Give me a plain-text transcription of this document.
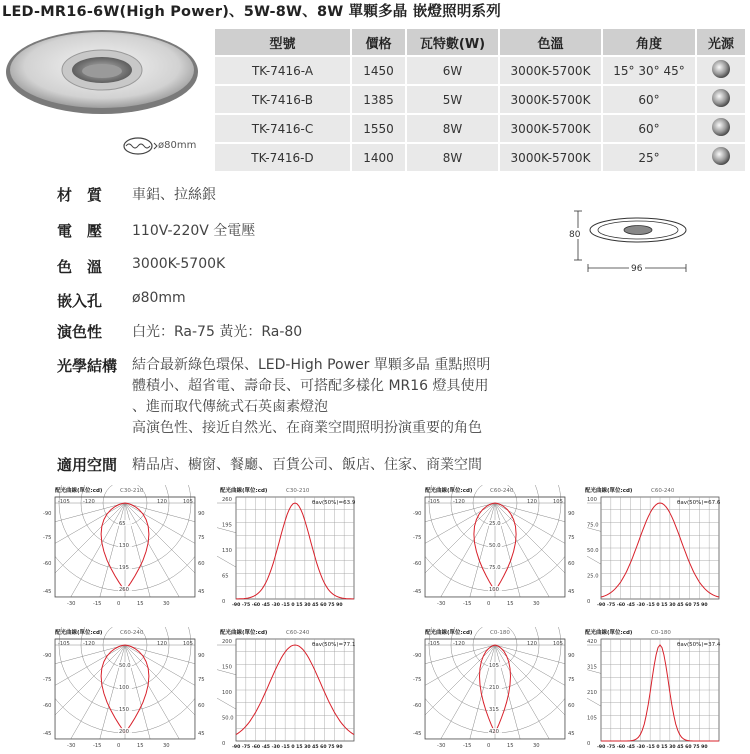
LED-MR16-6W(High Power)、5W-8W、8W 單顆多晶 嵌燈照明系列
ø80mm
型號	價格	瓦特數(W)	色溫	角度	光源
TK-7416-A	1450	6W	3000K-5700K	15° 30° 45°	
TK-7416-B	1385	5W	3000K-5700K	60°	
TK-7416-C	1550	8W	3000K-5700K	60°	
TK-7416-D	1400	8W	3000K-5700K	25°	
材　質	車鋁、拉絲銀
電　壓	110V-220V 全電壓
色　溫	3000K-5700K
嵌入孔	ø80mm
演色性	白光：Ra-75 黃光：Ra-80
光學結構	結合最新綠色環保、LED-High Power 單顆多晶 重點照明
體積小、超省電、壽命長、可搭配多樣化 MR16 燈具使用
、進而取代傳統式石英鹵素燈泡
高演色性、接近自然光、在商業空間照明扮演重要的角色
適用空間	精品店、櫥窗、餐廳、百貨公司、飯店、住家、商業空間
80
96
配光曲線(單位:cd)	C30-210
-105	-120	120	105
-90	90
-75	75
-60	60
-45	45
-30	-15	0	15	30
65
130
195
260
配光曲線(單位:cd)	C30-210
θav(50%)=63.9
260
195
130
65
0
-90 -75 -60 -45 -30 -15 0 15 30 45 60 75 90
配光曲線(單位:cd)	C60-240
-105	-120	120	105
-90	90
-75	75
-60	60
-45	45
-30	-15	0	15	30
25.0
50.0
75.0
100
配光曲線(單位:cd)	C60-240
θav(50%)=67.6
100
75.0
50.0
25.0
0
-90 -75 -60 -45 -30 -15 0 15 30 45 60 75 90
配光曲線(單位:cd)	C60-240
-105	-120	120	105
-90	90
-75	75
-60	60
-45	45
-30	-15	0	15	30
50.0
100
150
200
配光曲線(單位:cd)	C60-240
θav(50%)=77.1
200
150
100
50.0
0
-90 -75 -60 -45 -30 -15 0 15 30 45 60 75 90
配光曲線(單位:cd)	C0-180
-105	-120	120	105
-90	90
-75	75
-60	60
-45	45
-30	-15	0	15	30
105
210
315
420
配光曲線(單位:cd)	C0-180
θav(50%)=37.4
420
315
210
105
0
-90 -75 -60 -45 -30 -15 0 15 30 45 60 75 90
